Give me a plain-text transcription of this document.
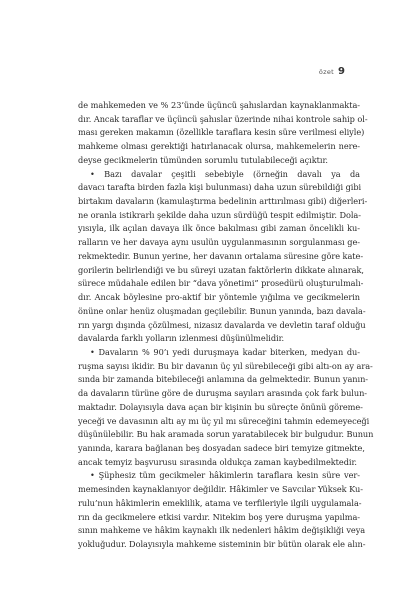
özet 9
de mahkemeden ve % 23’ünde üçüncü şahıslardan kaynaklanmakta-
dır. Ancak taraflar ve üçüncü şahıslar üzerinde nihai kontrole sahip ol-
ması gereken makamın (özellikle taraflara kesin süre verilmesi eliyle)
mahkeme olması gerektiği hatırlanacak olursa, mahkemelerin nere-
deyse gecikmelerin tümünden sorumlu tutulabileceği açıktır.
• Bazı davalar çeşitli sebebiyle (örneğin davalı ya da
davacı tarafta birden fazla kişi bulunması) daha uzun sürebildiği gibi
birtakım davaların (kamulaştırma bedelinin arttırılması gibi) diğerleri-
ne oranla istikrarlı şekilde daha uzun sürdüğü tespit edilmiştir. Dola-
yısıyla, ilk açılan davaya ilk önce bakılması gibi zaman öncelikli ku-
ralların ve her davaya aynı usulün uygulanmasının sorgulanması ge-
rekmektedir. Bunun yerine, her davanın ortalama süresine göre kate-
gorilerin belirlendiği ve bu süreyi uzatan faktörlerin dikkate alınarak,
sürece müdahale edilen bir “dava yönetimi” prosedürü oluşturulmalı-
dır. Ancak böylesine pro-aktif bir yöntemle yığılma ve gecikmelerin
önüne onlar henüz oluşmadan geçilebilir. Bunun yanında, bazı davala-
rın yargı dışında çözülmesi, nizasız davalarda ve devletin taraf olduğu
davalarda farklı yolların izlenmesi düşünülmelidir.
• Davaların % 90’ı yedi duruşmaya kadar biterken, medyan du-
ruşma sayısı ikidir. Bu bir davanın üç yıl sürebileceği gibi altı-on ay ara-
sında bir zamanda bitebileceği anlamına da gelmektedir. Bunun yanın-
da davaların türüne göre de duruşma sayıları arasında çok fark bulun-
maktadır. Dolayısıyla dava açan bir kişinin bu süreçte önünü göreme-
yeceği ve davasının altı ay mı üç yıl mı süreceğini tahmin edemeyeceği
düşünülebilir. Bu hak aramada sorun yaratabilecek bir bulgudur. Bunun
yanında, karara bağlanan beş dosyadan sadece biri temyize gitmekte,
ancak temyiz başvurusu sırasında oldukça zaman kaybedilmektedir.
• Şüphesiz tüm gecikmeler hâkimlerin taraflara kesin süre ver-
memesinden kaynaklanıyor değildir. Hâkimler ve Savcılar Yüksek Ku-
rulu’nun hâkimlerin emeklilik, atama ve terfileriyle ilgili uygulamala-
rın da gecikmelere etkisi vardır. Nitekim boş yere duruşma yapılma-
sının mahkeme ve hâkim kaynaklı ilk nedenleri hâkim değişikliği veya
yokluğudur. Dolayısıyla mahkeme sisteminin bir bütün olarak ele alın-
